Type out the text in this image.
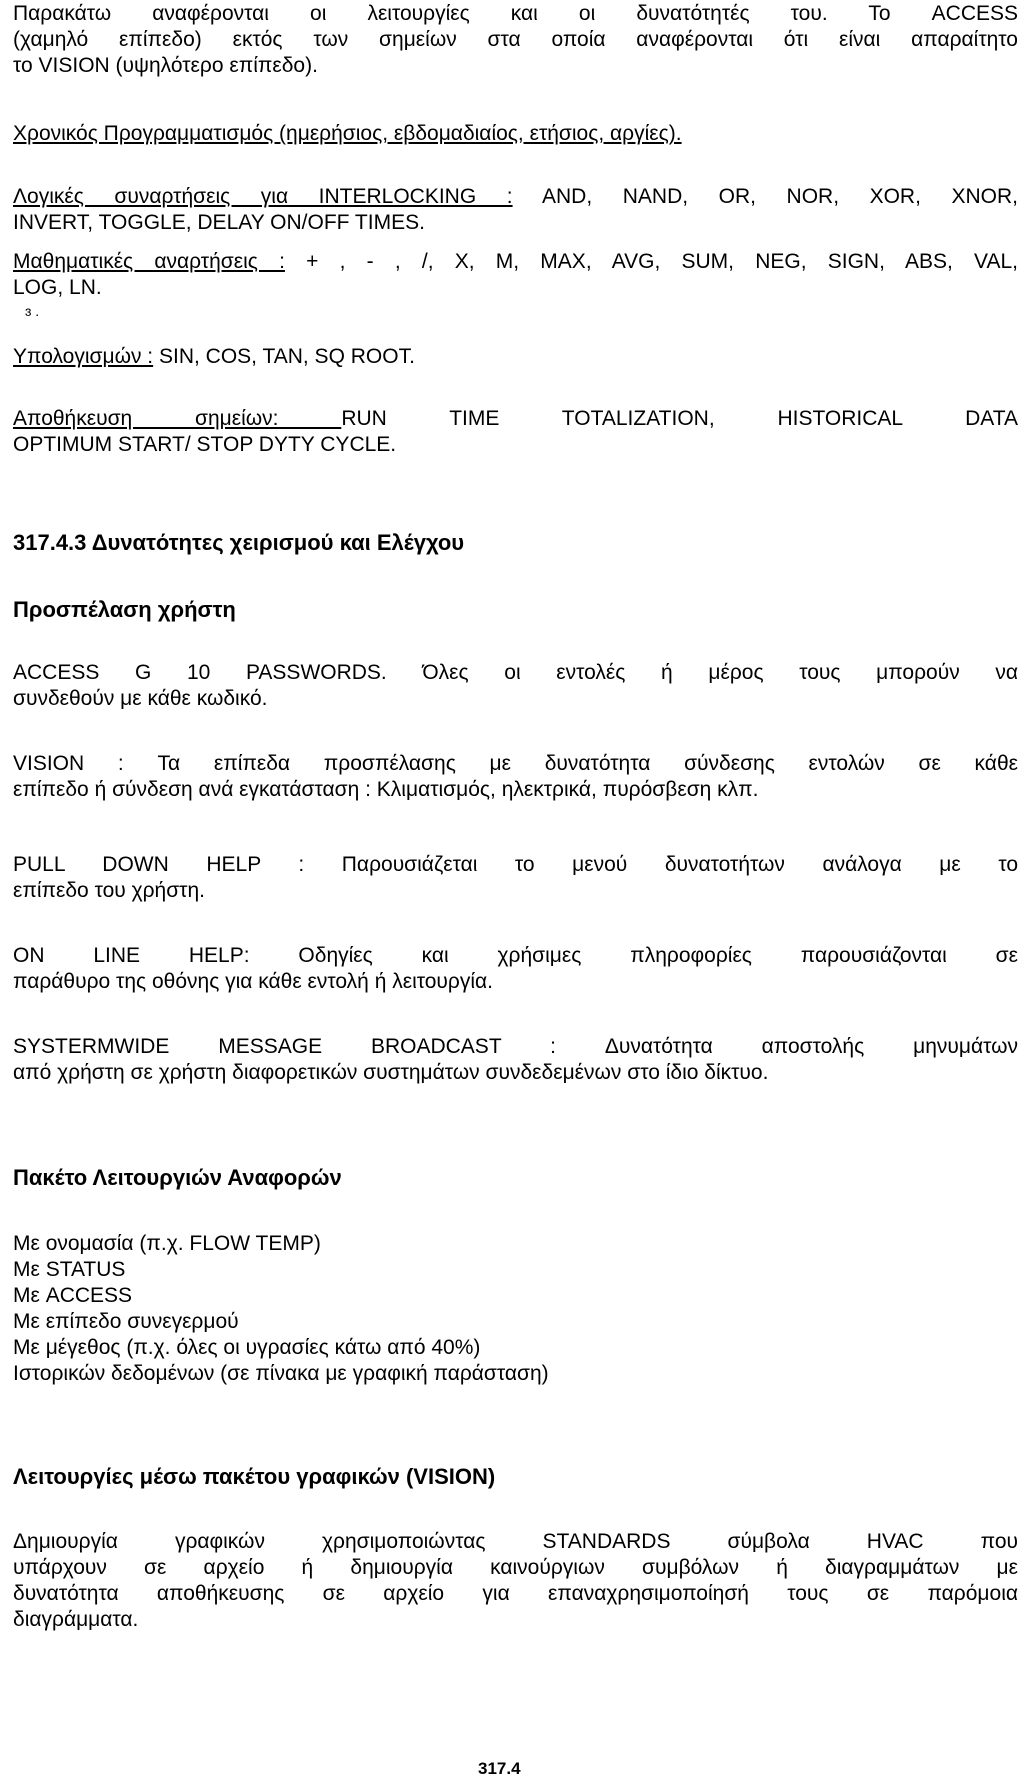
Παρακάτω αναφέρονται οι λειτουργίες και οι δυνατότητές του. Το ACCESS
(χαμηλό επίπεδο) εκτός των σημείων στα οποία αναφέρονται ότι είναι απαραίτητο
το VISION (υψηλότερο επίπεδο).
Χρονικός Προγραμματισμός (ημερήσιος, εβδομαδιαίος, ετήσιος, αργίες).
Λογικές συναρτήσεις για INTERLOCKING : AND, NAND, OR, NOR, XOR, XNOR,
INVERT, TOGGLE, DELAY ON/OFF TIMES.
Μαθηματικές αναρτήσεις : + , - , /, X, M, MAX, AVG, SUM, NEG, SIGN, ABS, VAL,
LOG, LN.
ɜ .
Υπολογισμών : SIN, COS, TAN, SQ ROOT.
Αποθήκευση σημείων: RUN TIME TOTALIZATION, HISTORICAL DATA
OPTIMUM START/ STOP DYTY CYCLE.
317.4.3 Δυνατότητες χειρισμού και Ελέγχου
Προσπέλαση χρήστη
ACCESS G 10 PASSWORDS. Όλες οι εντολές ή μέρος τους μπορούν να
συνδεθούν με κάθε κωδικό.
VISION : Τα επίπεδα προσπέλασης με δυνατότητα σύνδεσης εντολών σε κάθε
επίπεδο ή σύνδεση ανά εγκατάσταση : Κλιματισμός, ηλεκτρικά, πυρόσβεση κλπ.
PULL DOWN HELP : Παρουσιάζεται το μενού δυνατοτήτων ανάλογα με το
επίπεδο του χρήστη.
ON LINE HELP: Οδηγίες και χρήσιμες πληροφορίες παρουσιάζονται σε
παράθυρο της οθόνης για κάθε εντολή ή λειτουργία.
SYSTERMWIDE MESSAGE BROADCAST : Δυνατότητα αποστολής μηνυμάτων
από χρήστη σε χρήστη διαφορετικών συστημάτων συνδεδεμένων στο ίδιο δίκτυο.
Πακέτο Λειτουργιών Αναφορών
Με ονομασία (π.χ. FLOW TEMP)
Με STATUS
Με ACCESS
Με επίπεδο συνεγερμού
Με μέγεθος (π.χ. όλες οι υγρασίες κάτω από 40%)
Ιστορικών δεδομένων (σε πίνακα με γραφική παράσταση)
Λειτουργίες μέσω πακέτου γραφικών (VISION)
Δημιουργία γραφικών χρησιμοποιώντας STANDARDS σύμβολα HVAC που
υπάρχουν σε αρχείο ή δημιουργία καινούργιων συμβόλων ή διαγραμμάτων με
δυνατότητα αποθήκευσης σε αρχείο για επαναχρησιμοποίησή τους σε παρόμοια
διαγράμματα.
317.4
